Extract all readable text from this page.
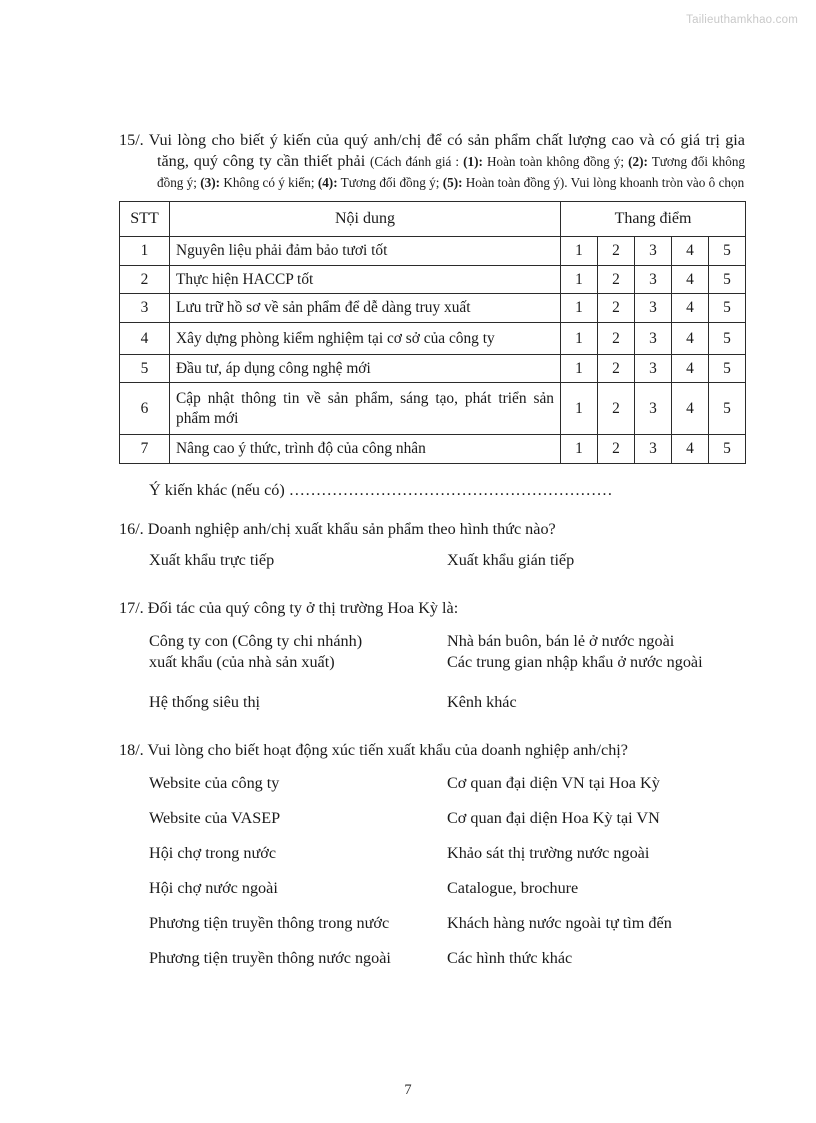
Tailieuthamkhao.com

15/. Vui lòng cho biết ý kiến của quý anh/chị để có sản phẩm chất lượng cao và có giá trị gia tăng, quý công ty cần thiết phải (Cách đánh giá : (1): Hoàn toàn không đồng ý; (2): Tương đối không đồng ý; (3): Không có ý kiến; (4): Tương đối đồng ý; (5): Hoàn toàn đồng ý). Vui lòng khoanh tròn vào ô chọn

STT	Nội dung	Thang điểm				
1	Nguyên liệu phải đảm bảo tươi tốt	1	2	3	4	5
2	Thực hiện HACCP tốt	1	2	3	4	5
3	Lưu trữ hồ sơ về sản phẩm để dễ dàng truy xuất	1	2	3	4	5
4	Xây dựng phòng kiểm nghiệm tại cơ sở của công ty	1	2	3	4	5
5	Đầu tư, áp dụng công nghệ mới	1	2	3	4	5
6	Cập nhật thông tin về sản phẩm, sáng tạo, phát triển sản phẩm mới	1	2	3	4	5
7	Nâng cao ý thức, trình độ của công nhân	1	2	3	4	5
Ý kiến khác (nếu có) ……………………………………………………
16/. Doanh nghiệp anh/chị xuất khẩu sản phẩm theo hình thức nào?
Xuất khẩu trực tiếp	Xuất khẩu gián tiếp
17/. Đối tác của quý công ty ở thị trường Hoa Kỳ là:
Công ty con (Công ty chi nhánh)
xuất khẩu (của nhà sản xuất)
Nhà bán buôn, bán lẻ ở nước ngoài
Các trung gian nhập khẩu ở nước ngoài
Hệ thống siêu thị	Kênh khác
18/. Vui lòng cho biết hoạt động xúc tiến xuất khẩu của doanh nghiệp anh/chị?
Website của công ty
Website của VASEP
Hội chợ trong nước
Hội chợ nước ngoài
Phương tiện truyền thông trong nước
Phương tiện truyền thông nước ngoài
Cơ quan đại diện VN tại Hoa Kỳ
Cơ quan đại diện Hoa Kỳ tại VN
Khảo sát thị trường nước ngoài
Catalogue, brochure
Khách hàng nước ngoài tự tìm đến
Các hình thức khác
7
